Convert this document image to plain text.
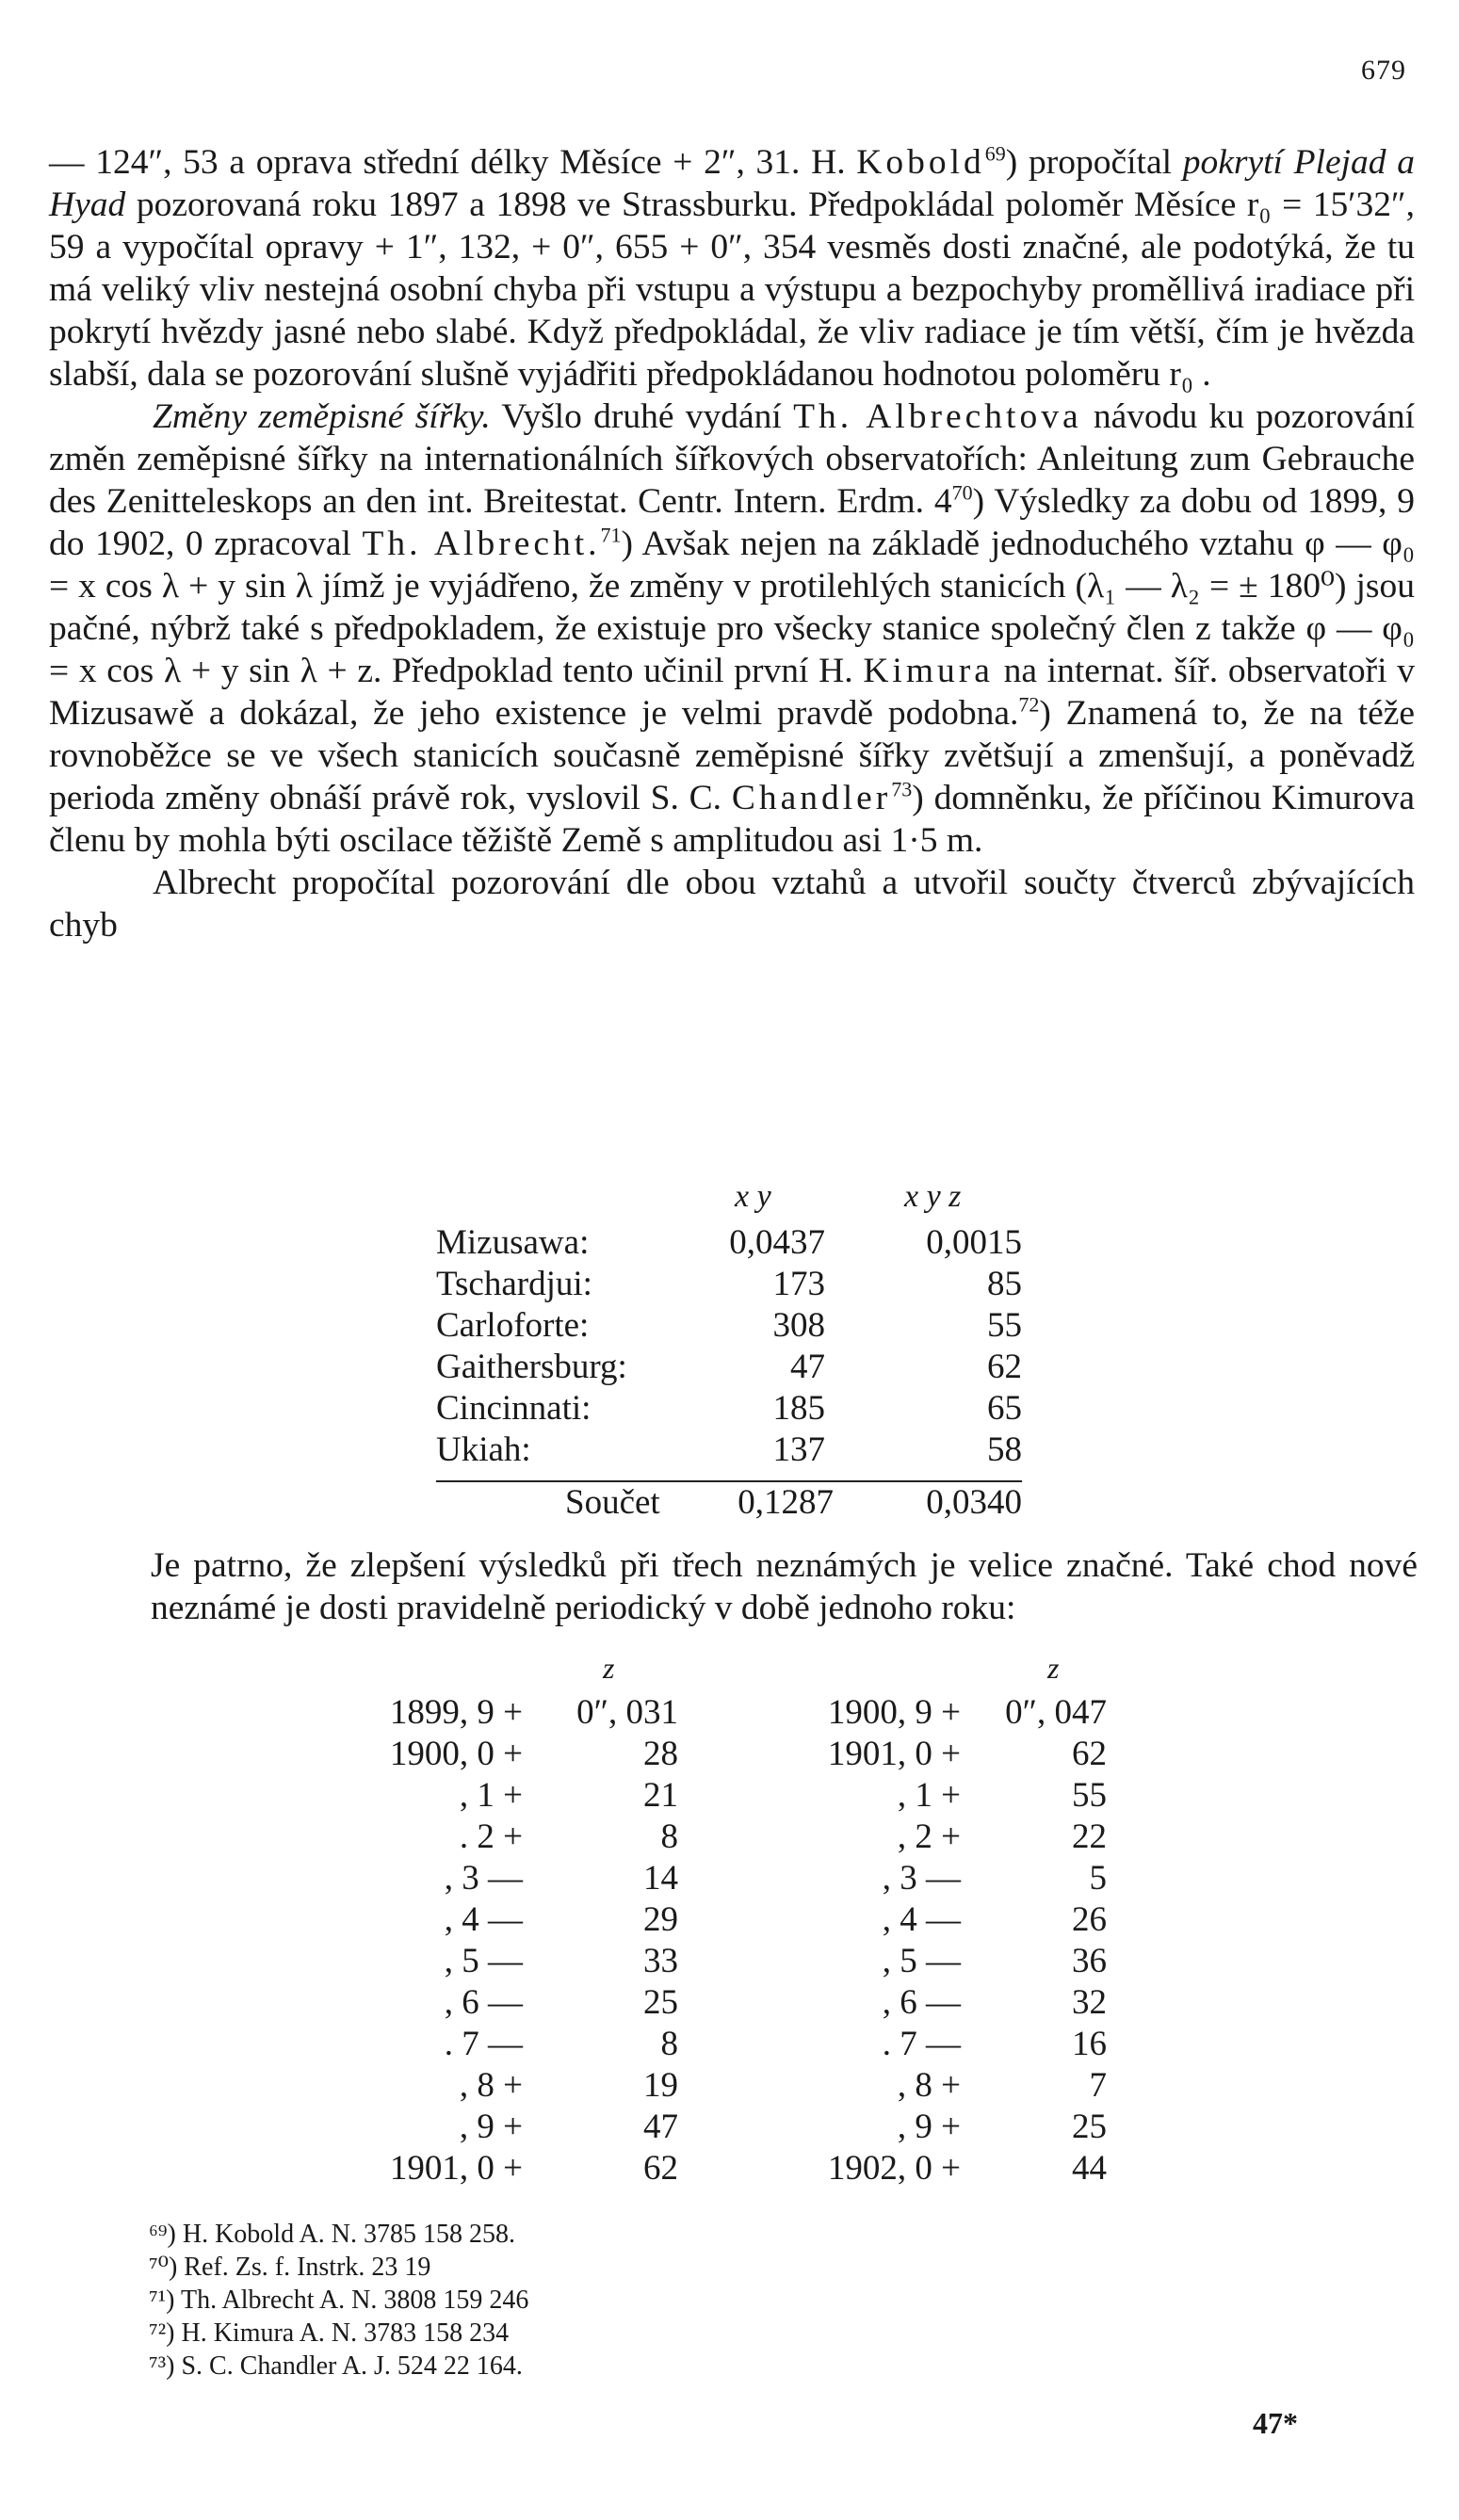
679

— 124″, 53 a oprava střední délky Měsíce + 2″, 31. H. Kobold$^{69}$) propočítal pokrytí Plejad a Hyad pozorovaná roku 1897 a 1898 ve Strassburku. Předpokládal poloměr Měsíce r₀ = 15′32″, 59 a vypočítal opravy + 1″, 132, + 0″, 655 + 0″, 354 vesměs dosti značné, ale podotýká, že tu má veliký vliv nestejná osobní chyba při vstupu a výstupu a bezpochyby proměllivá iradiace při pokrytí hvězdy jasné nebo slabé. Když předpokládal, že vliv radiace je tím větší, čím je hvězda slabší, dala se pozorování slušně vyjádřiti předpokládanou hodnotou poloměru r₀ .

Změny zeměpisné šířky. Vyšlo druhé vydání Th. Albrechtova návodu ku pozorování změn zeměpisné šířky na internationálních šířkových observatořích: Anleitung zum Gebrauche des Zenitteleskops an den int. Breitestat. Centr. Intern. Erdm. $4^{70}$) Výsledky za dobu od 1899, 9 do 1902, 0 zpracoval Th. Albrecht.$^{71}$) Avšak nejen na základě jednoduchého vztahu φ — φ₀ = x cos λ + y sin λ jímž je vyjádřeno, že změny v protilehlých stanicích (λ₁ — λ₂ = ± 180⁰) jsou pačné, nýbrž také s předpokladem, že existuje pro všecky stanice společný člen z takže φ — φ₀ = x cos λ + y sin λ + z. Předpoklad tento učinil první H. Kimura na internat. šíř. observatoři v Mizusawě a dokázal, že jeho existence je velmi pravdě podobna.$^{72}$) Znamená to, že na téže rovnoběžce se ve všech stanicích současně zeměpisné šířky zvětšují a zmenšují, a poněvadž perioda změny obnáší právě rok, vyslovil S. C. Chandler$^{73}$) domněnku, že příčinou Kimurova členu by mohla býti oscilace těžiště Země s amplitudou asi 1·5 m.

Albrecht propočítal pozorování dle obou vztahů a utvořil součty čtverců zbývajících chyb

x y	x y z
Mizusawa:	0,0437	0,0015
Tschardjui:	173	85
Carloforte:	308	55
Gaithersburg:	47	62
Cincinnati:	185	65
Ukiah:	137	58
Součet	0,1287	0,0340
Je patrno, že zlepšení výsledků při třech neznámých je velice značné. Také chod nové neznámé je dosti pravidelně periodický v době jednoho roku:
z	z
1899, 9 +	0″, 031
1900, 0 +	28
, 1 +	21
. 2 +	8
, 3 —	14
, 4 —	29
, 5 —	33
, 6 —	25
. 7 —	8
, 8 +	19
, 9 +	47
1901, 0 +	62
1900, 9 +	0″, 047
1901, 0 +	62
, 1 +	55
, 2 +	22
, 3 —	5
, 4 —	26
, 5 —	36
, 6 —	32
. 7 —	16
, 8 +	7
, 9 +	25
1902, 0 +	44
⁶⁹) H. Kobold A. N. 3785 158 258.
⁷⁰) Ref. Zs. f. Instrk. 23 19
⁷¹) Th. Albrecht A. N. 3808 159 246
⁷²) H. Kimura A. N. 3783 158 234
⁷³) S. C. Chandler A. J. 524 22 164.
47*
